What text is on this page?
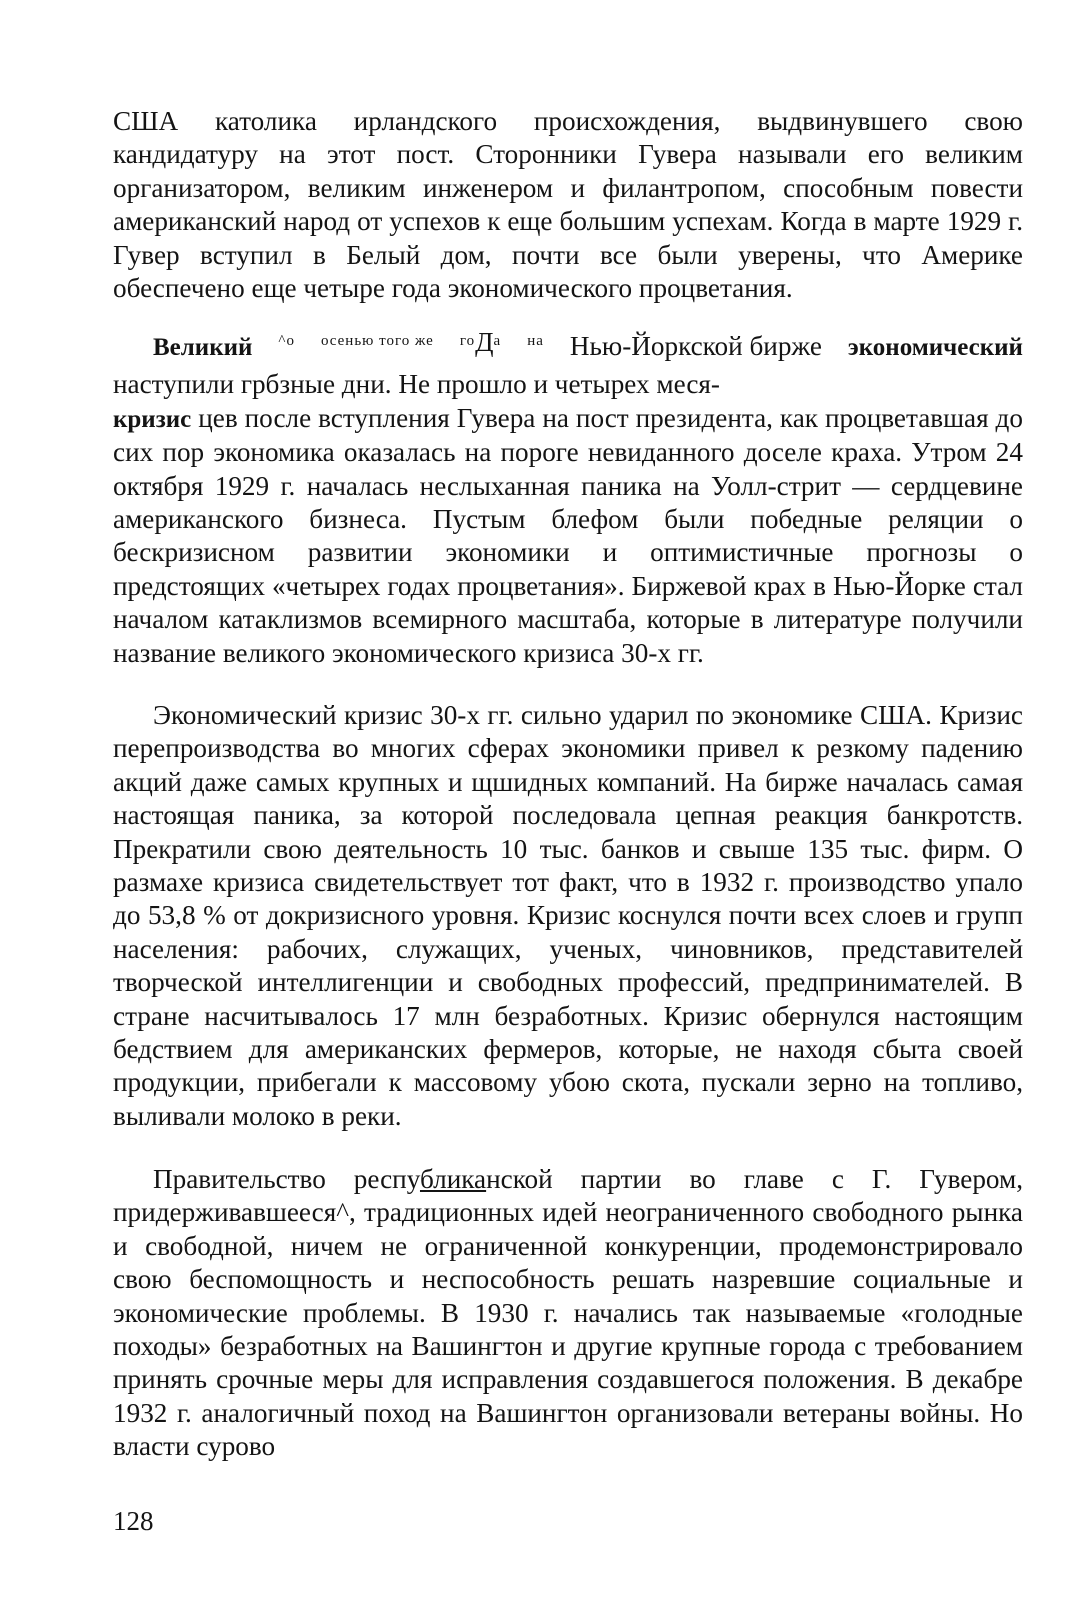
США католика ирландского происхождения, выдвинувшего свою кандидатуру на этот пост. Сторонники Гувера называли его великим организатором, великим инженером и филантропом, способным повести американский народ от успехов к еще большим успехам. Когда в марте 1929 г. Гувер вступил в Белый дом, почти все были уверены, что Америке обеспечено еще четыре года экономического процветания.

Великий ^о осенью того же $^{го}Д^а$ на Нью-Йоркской бирже экономический
наступили грбзные дни. Не прошло и четырех меся-
кризис цев после вступления Гувера на пост президента, как процветавшая до сих пор экономика оказалась на пороге невиданного доселе краха. Утром 24 октября 1929 г. началась неслыханная паника на Уолл-стрит — сердцевине американского бизнеса. Пустым блефом были победные реляции о бескризисном развитии экономики и оптимистичные прогнозы о предстоящих «четырех годах процветания». Биржевой крах в Нью-Йорке стал началом катаклизмов всемирного масштаба, которые в литературе получили название великого экономического кризиса 30-х гг.

Экономический кризис 30-х гг. сильно ударил по экономике США. Кризис перепроизводства во многих сферах экономики привел к резкому падению акций даже самых крупных и щшидных компаний. На бирже началась самая настоящая паника, за которой последовала цепная реакция банкротств. Прекратили свою деятельность 10 тыс. банков и свыше 135 тыс. фирм. О размахе кризиса свидетельствует тот факт, что в 1932 г. производство упало до 53,8 % от докризисного уровня. Кризис коснулся почти всех слоев и групп населения: рабочих, служащих, ученых, чиновников, представителей творческой интеллигенции и свободных профессий, предпринимателей. В стране насчитывалось 17 млн безработных. Кризис обернулся настоящим бедствием для американских фермеров, которые, не находя сбыта своей продукции, прибегали к массовому убою скота, пускали зерно на топливо, выливали молоко в реки.

Правительство республиканской партии во главе с Г. Гувером, придерживавшееся^, традиционных идей неограниченного свободного рынка и свободной, ничем не ограниченной конкуренции, продемонстрировало свою беспомощность и неспособность решать назревшие социальные и экономические проблемы. В 1930 г. начались так называемые «голодные походы» безработных на Вашингтон и другие крупные города с требованием принять срочные меры для исправления создавшегося положения. В декабре 1932 г. аналогичный поход на Вашингтон организовали ветераны войны. Но власти сурово

128
